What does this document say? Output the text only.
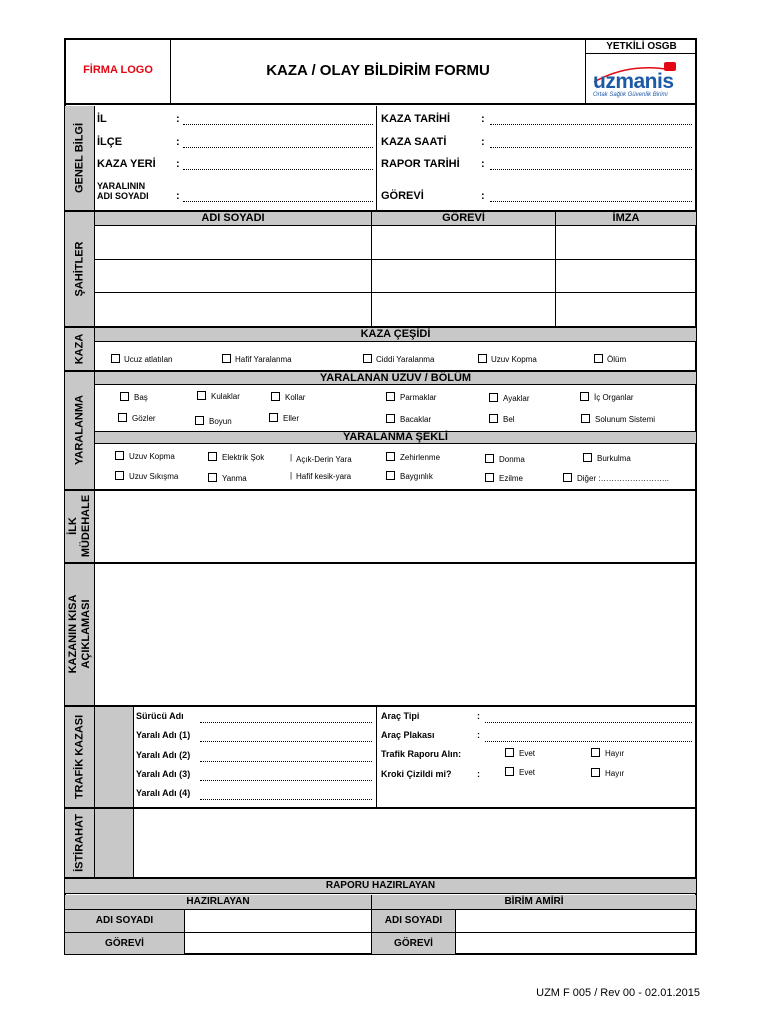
FİRMA LOGO	KAZA / OLAY BİLDİRİM FORMU
YETKİLİ OSGB
uzmanis
Ortak Sağlık Güvenlik Birimi
GENEL BİLGİ
ŞAHİTLER
KAZA
YARALANMA
İLK MÜDEHALE
KAZANIN KISA AÇIKLAMASI
TRAFİK KAZASI
İSTİRAHAT
İL	:
İLÇE	:
KAZA YERİ :
YARALININ
ADI SOYADI :
KAZA TARİHİ	:
KAZA SAATİ	:
RAPOR TARİHİ :
GÖREVİ	:
ADI SOYADI	GÖREVİ	İMZA
KAZA ÇEŞİDİ
Ucuz atlatılan	Hafif Yaralanma	Ciddi Yaralanma	Uzuv Kopma	Ölüm
YARALANAN UZUV / BÖLÜM
Baş	Kulaklar	Kollar	Parmaklar	Ayaklar	İç Organlar
Gözler	Boyun	Eller	Bacaklar	Bel	Solunum Sistemi
YARALANMA ŞEKLİ
Uzuv Kopma	Elektrik Şok	| Açık-Derin Yara	Zehirlenme	Donma	Burkulma
Uzuv Sıkışma	Yanma	| Hafif kesik-yara	Baygınlık	Ezilme	Diğer :……………………..
Sürücü Adı
Yaralı Adı (1)
Yaralı Adı (2)
Yaralı Adı (3)
Yaralı Adı (4)
Araç Tipi	:
Araç Plakası	:
Trafik Raporu Alın:	Evet	Hayır
Kroki Çizildi mi?	:	Evet	Hayır
RAPORU HAZIRLAYAN
HAZIRLAYAN	BİRİM AMİRİ
ADI SOYADI
GÖREVİ
ADI SOYADI
GÖREVİ
UZM F 005 / Rev 00 - 02.01.2015
